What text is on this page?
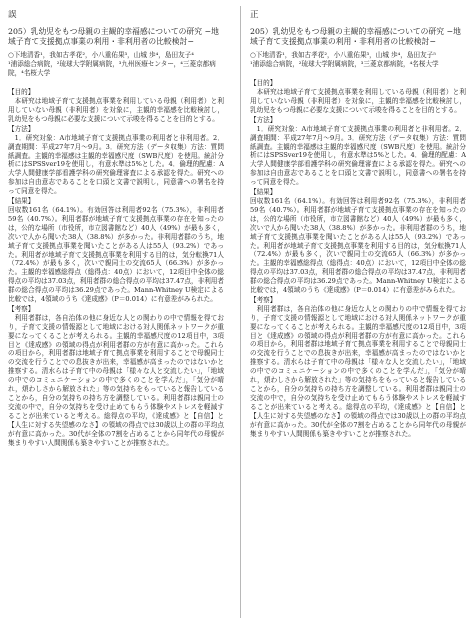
誤
205）乳幼児をもつ母親の主観的幸福感についての研究 −地域子育て支援拠点事業の利用・非利用者の比較検討−
○下地清香¹，我如古孝花²，小八重佑果³，山城 歩⁴，島田友子⁴
¹浦添総合病院，²琉球大学附属病院，³九州医療センター，⁴三菱京都病院，⁴名桜大学
【目的】

本研究は地域子育て支援拠点事業を利用している母親（利用者）と利用していない母親（非利用者）を対象に，主観的幸福感を比較検討し，乳幼児をもつ母親に必要な支援について示唆を得ることを目的とする。

【方法】

1．研究対象：A市地域子育て支援拠点事業の利用者と非利用者。2．調査期間：平成27年7月〜9月。3．研究方法（データ収集）方法：質問紙調査。主観的幸福感は主観的幸福感尺度（SWB尺度）を使用。統計分析にはSPSSver19を使用し，有意水準は5%とした。4．倫理的配慮：A大学人間健康学部看護学科の研究倫理審査による承認を得た。研究への参加は自由意志であることを口頭と文書で説明し，同意書への署名を持って同意を得た。

【結果】

回収数161名（64.1%）。有効回答は利用者92名（75.3%），非利用者59名（40.7%）。利用者群が地域子育て支援拠点事業の存在を知ったのは，公的な場所（市役所，市立図書館など）40人（49%）が最も多く，次いで人から聞いた38人（38.8%）が多かった。非利用者群のうち，地域子育て支援拠点事業を聞いたことがある人は55人（93.2%）であった。利用者が地域子育て支援拠点事業を利用する目的は，気分転換71人（72.4%）が最も多く，次いで親同士の交流65人（66.3%）が多かった。主観的幸福感総得点（総得点：40点）において，12項目中全体の総得点の平均は37.03点，利用者群の総合得点の平均は37.47点，非利用者群の総合得点の平均は36.29点であった。Mann-Whitney U検定による比較では，4領域のうち《達成感》（P＝0.014）に有意差がみられた。

【考察】

利用者群は，各自治体の他に身近な人との関わりの中で情報を得ており，子育て支援の情報源として地域における対人関係ネットワークが重要になってくることが考えられる。主観的幸福感尺度の12項目中，3項目と《達成感》の領域の得点が利用者群の方が有意に高かった。これらの項目から，利用者群は地域子育て拠点事業を利用することで母親同士の交流を行うことでの息抜きが出来，幸福感が高まったのではないかと推察する。清水らは子育て中の母親は「様々な人と交流したい」，「地域の中でのコミュニケーションの中で多くのことを学んだ」，「気分が晴れ，煩わしさから解放された」等の気持ちをもっていると報告していることから，自分の気持ちの持ち方を調整している。利用者群は親同士の交流の中で，自分の気持ちを受け止めてもらう体験やストレスを軽減することが出来ていると考える。総得点の平均，《達成感》と【自信】と【人生に対する失望感のなさ】の領域の得点では30歳以上の群の平均点が有意に高かった。30代が全体の7割を占めることから同年代の母親が集まりやすい人間関係も築きやすいことが推察された。

正
205）乳幼児をもつ母親の主観的幸福感についての研究 −地域子育て支援拠点事業の利用・非利用者の比較検討−
○下地清香¹，我如古孝花²，小八重佑果³，山城 歩⁴，島田友子⁵
¹浦添総合病院，²琉球大学附属病院，³三菱京都病院，⁴名桜大学
【目的】

本研究は地域子育て支援拠点事業を利用している母親（利用者）と利用していない母親（非利用者）を対象に，主観的幸福感を比較検討し，乳幼児をもつ母親に必要な支援について示唆を得ることを目的とする。

【方法】

1．研究対象：A市地域子育て支援拠点事業の利用者と非利用者。2．調査期間：平成27年7月〜9月。3．研究方法（データ収集）方法：質問紙調査。主観的幸福感は主観的幸福感尺度（SWB尺度）を使用。統計分析にはSPSSver19を使用し，有意水準は5%とした。4．倫理的配慮：A大学人間健康学部看護学科の研究倫理審査による承認を得た。研究への参加は自由意志であることを口頭と文書で説明し，同意書への署名を持って同意を得た。

【結果】

回収数161名（64.1%）。有効回答は利用者92名（75.3%），非利用者59名（40.7%）。利用者群が地域子育て支援拠点事業の存在を知ったのは，公的な場所（市役所，市立図書館など）40人（49%）が最も多く，次いで人から聞いた38人（38.8%）が多かった。非利用者群のうち，地域子育て支援拠点事業を聞いたことがある人は55人（93.2%）であった。利用者が地域子育て支援拠点事業を利用する目的は，気分転換71人（72.4%）が最も多く，次いで親同士の交流65人（66.3%）が多かった。主観的幸福感総得点（総得点：40点）において，12項目中全体の総得点の平均は37.03点，利用者群の総合得点の平均は37.47点，非利用者群の総合得点の平均は36.29点であった。Mann-Whitney U検定による比較では，4領域のうち《達成感》（P＝0.014）に有意差がみられた。

【考察】

利用者群は，各自治体の他に身近な人との関わりの中で情報を得ており，子育て支援の情報源として地域における対人関係ネットワークが重要になってくることが考えられる。主観的幸福感尺度の12項目中，3項目と《達成感》の領域の得点が利用者群の方が有意に高かった。これらの項目から，利用者群は地域子育て拠点事業を利用することで母親同士の交流を行うことでの息抜きが出来，幸福感が高まったのではないかと推察する。清水らは子育て中の母親は「様々な人と交流したい」，「地域の中でのコミュニケーションの中で多くのことを学んだ」，「気分が晴れ，煩わしさから解放された」等の気持ちをもっていると報告していることから，自分の気持ちの持ち方を調整している。利用者群は親同士の交流の中で，自分の気持ちを受け止めてもらう体験やストレスを軽減することが出来ていると考える。総得点の平均，《達成感》と【自信】と【人生に対する失望感のなさ】の領域の得点では30歳以上の群の平均点が有意に高かった。30代が全体の7割を占めることから同年代の母親が集まりやすい人間関係も築きやすいことが推察された。
